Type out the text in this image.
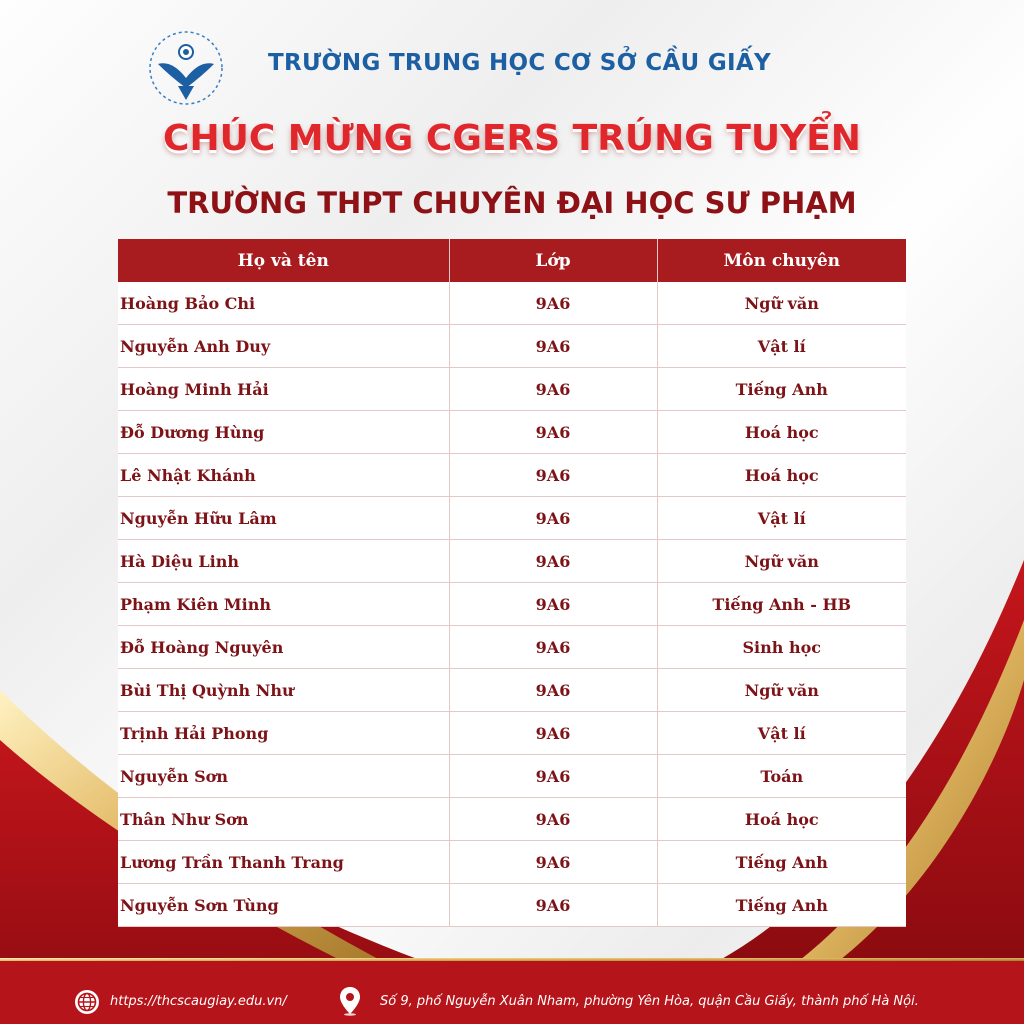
TRƯỜNG TRUNG HỌC CƠ SỞ CẦU GIẤY
CHÚC MỪNG CGERS TRÚNG TUYỂN
TRƯỜNG THPT CHUYÊN ĐẠI HỌC SƯ PHẠM
Họ và tên	Lớp	Môn chuyên
Hoàng Bảo Chi	9A6	Ngữ văn
Nguyễn Anh Duy	9A6	Vật lí
Hoàng Minh Hải	9A6	Tiếng Anh
Đỗ Dương Hùng	9A6	Hoá học
Lê Nhật Khánh	9A6	Hoá học
Nguyễn Hữu Lâm	9A6	Vật lí
Hà Diệu Linh	9A6	Ngữ văn
Phạm Kiên Minh	9A6	Tiếng Anh - HB
Đỗ Hoàng Nguyên	9A6	Sinh học
Bùi Thị Quỳnh Như	9A6	Ngữ văn
Trịnh Hải Phong	9A6	Vật lí
Nguyễn Sơn	9A6	Toán
Thân Như Sơn	9A6	Hoá học
Lương Trần Thanh Trang	9A6	Tiếng Anh
Nguyễn Sơn Tùng	9A6	Tiếng Anh
https://thcscaugiay.edu.vn/	Số 9, phố Nguyễn Xuân Nham, phường Yên Hòa, quận Cầu Giấy, thành phố Hà Nội.
